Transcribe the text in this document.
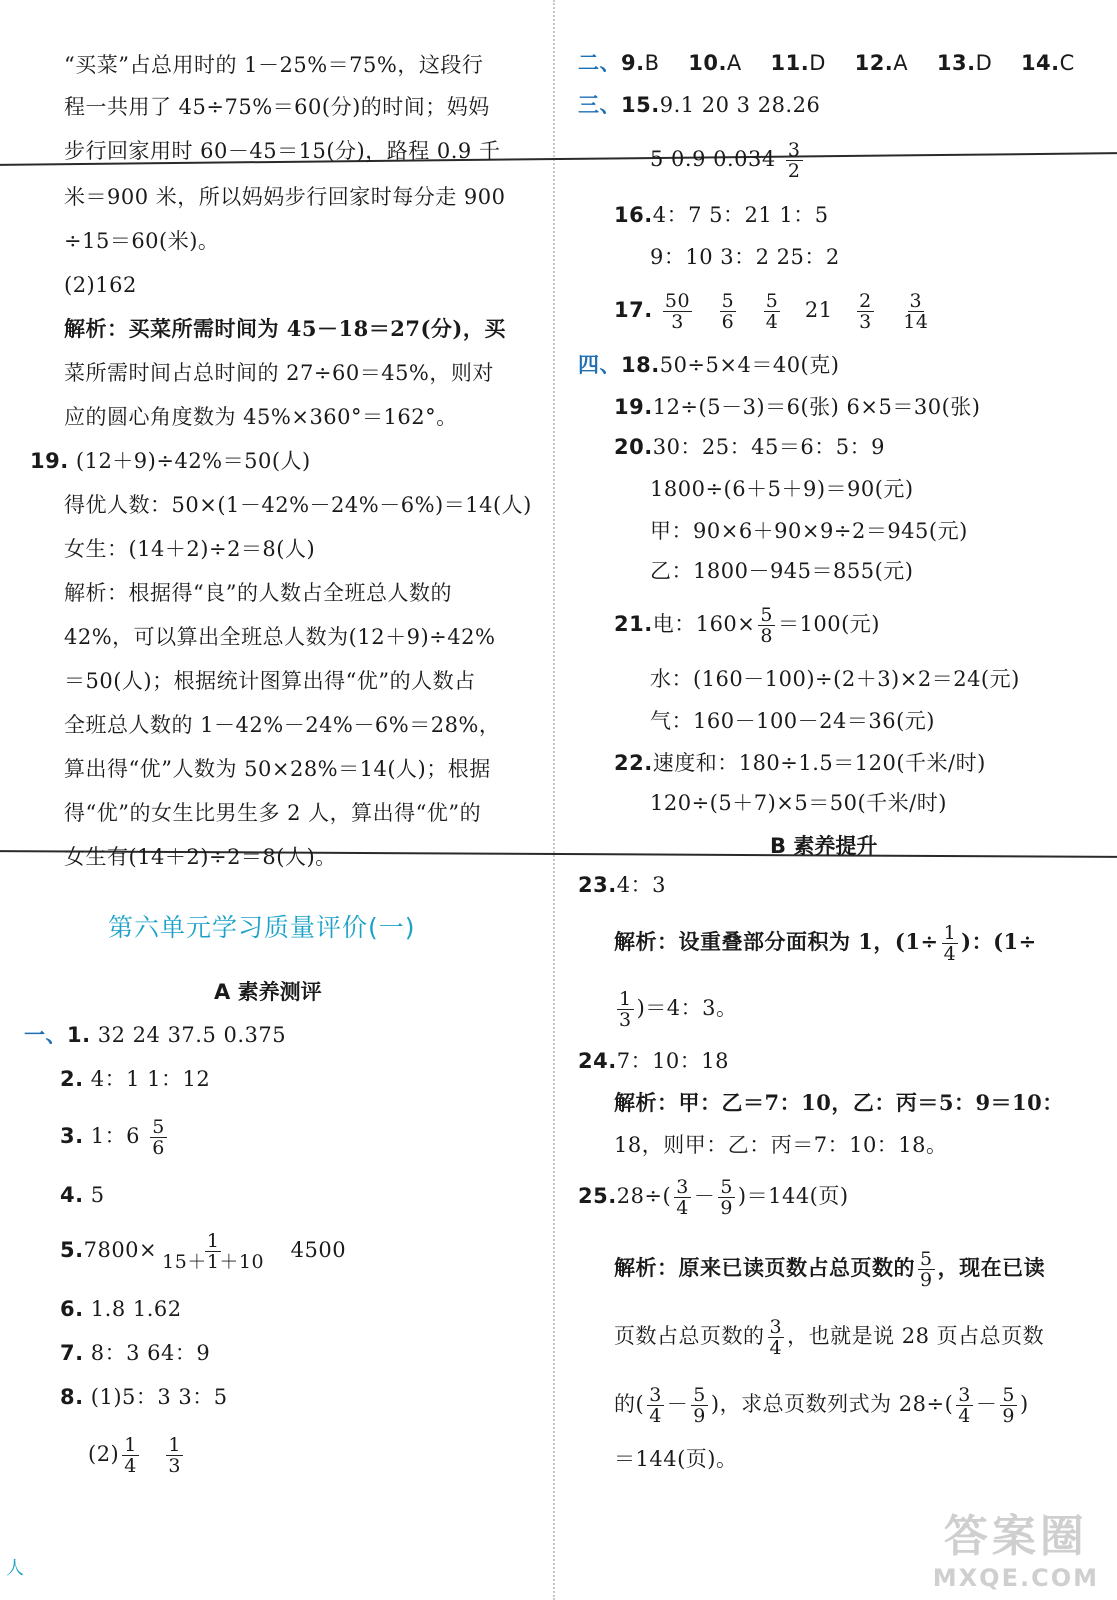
“买菜”占总用时的 1－25%＝75%，这段行
程一共用了 45÷75%＝60(分)的时间；妈妈
步行回家用时 60－45＝15(分)，路程 0.9 千
米＝900 米，所以妈妈步行回家时每分走 900
÷15＝60(米)。
(2)162
解析：买菜所需时间为 45－18＝27(分)，买
菜所需时间占总时间的 27÷60＝45%，则对
应的圆心角度数为 45%×360°＝162°。
19. (12＋9)÷42%＝50(人)
得优人数：50×(1－42%－24%－6%)＝14(人)
女生：(14＋2)÷2＝8(人)
解析：根据得“良”的人数占全班总人数的
42%，可以算出全班总人数为(12＋9)÷42%
＝50(人)；根据统计图算出得“优”的人数占
全班总人数的 1－42%－24%－6%＝28%，
算出得“优”人数为 50×28%＝14(人)；根据
得“优”的女生比男生多 2 人，算出得“优”的
女生有(14＋2)÷2＝8(人)。
第六单元学习质量评价(一)
A 素养测评
一、1. 32 24 37.5 0.375
2. 4：1 1：12
3. 1：$6 \frac{5}{6}$
4. 5
$5.7800\times \frac{1}{15+1+10} 4500$
6. 1.8 1.62
7. 8：3 64：9
8. (1)5：3 3：5
$(2) \frac{1}{4}$
$\frac{1}{3}$
二、9.B 10.A 11.D 12.A 13.D 14.C
三、15.9.1 20 3 28.26
5 0.9 $0.034 \frac{3}{2}$
16.4：7 5：21 1：5
9：10 3：2 25：2
17. $\frac{50}{3}$
$\frac{5}{6}$
$\frac{5}{4} 21 \frac{2}{3}$
$\frac{3}{14}$
四、18.50÷5×4＝40(克)
19.12÷(5－3)＝6(张) 6×5＝30(张)
20.30：25：45＝6：5：9
1800÷(6＋5＋9)＝90(元)
甲：90×6＋90×9÷2＝945(元)
乙：1800－945＝855(元)
21.电：$160\times \frac{5}{8} =100$(元)
水：(160－100)÷(2＋3)×2＝24(元)
气：160－100－24＝36(元)
22.速度和：180÷1.5＝120(千米/时)
120÷(5＋7)×5＝50(千米/时)
B 素养提升
23.4：3
解析：设重叠部分面积为 1，($1\div \frac{1}{4}$ )：(1÷
$\frac{1}{3} )=4$：3。
24.7：10：18
解析：甲：乙＝7：10，乙：丙＝5：9＝10：
18，则甲：乙：丙＝7：10：18。
$25.28\div( \frac{3}{4} - \frac{5}{9} )=144$(页)
解析：原来已读页数占总页数的 $\frac{5}{9}$ ，现在已读
页数占总页数的 $\frac{3}{4}$ ，也就是说 28 页占总页数
的( $\frac{3}{4} - \frac{5}{9}$ )，求总页数列式为 $28\div( \frac{3}{4} - \frac{5}{9}$ )
＝144(页)。
人
答案圈
MXQE.COM
